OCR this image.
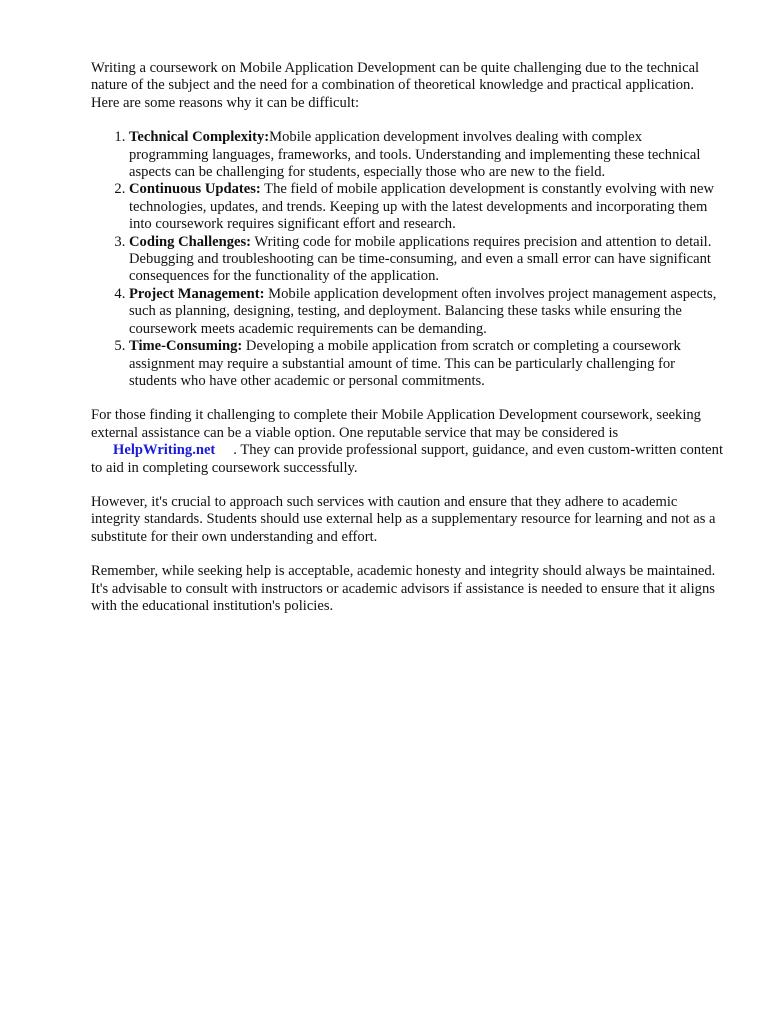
Writing a coursework on Mobile Application Development can be quite challenging due to the technical nature of the subject and the need for a combination of theoretical knowledge and practical application. Here are some reasons why it can be difficult:

1. Technical Complexity:Mobile application development involves dealing with complex programming languages, frameworks, and tools. Understanding and implementing these technical aspects can be challenging for students, especially those who are new to the field.
2. Continuous Updates: The field of mobile application development is constantly evolving with new technologies, updates, and trends. Keeping up with the latest developments and incorporating them into coursework requires significant effort and research.
3. Coding Challenges: Writing code for mobile applications requires precision and attention to detail. Debugging and troubleshooting can be time-consuming, and even a small error can have significant consequences for the functionality of the application.
4. Project Management: Mobile application development often involves project management aspects, such as planning, designing, testing, and deployment. Balancing these tasks while ensuring the coursework meets academic requirements can be demanding.
5. Time-Consuming: Developing a mobile application from scratch or completing a coursework assignment may require a substantial amount of time. This can be particularly challenging for students who have other academic or personal commitments.

For those finding it challenging to complete their Mobile Application Development coursework, seeking external assistance can be a viable option. One reputable service that may be considered is
HelpWriting.net . They can provide professional support, guidance, and even custom-written content to aid in completing coursework successfully.

However, it's crucial to approach such services with caution and ensure that they adhere to academic integrity standards. Students should use external help as a supplementary resource for learning and not as a substitute for their own understanding and effort.

Remember, while seeking help is acceptable, academic honesty and integrity should always be maintained. It's advisable to consult with instructors or academic advisors if assistance is needed to ensure that it aligns with the educational institution's policies.
